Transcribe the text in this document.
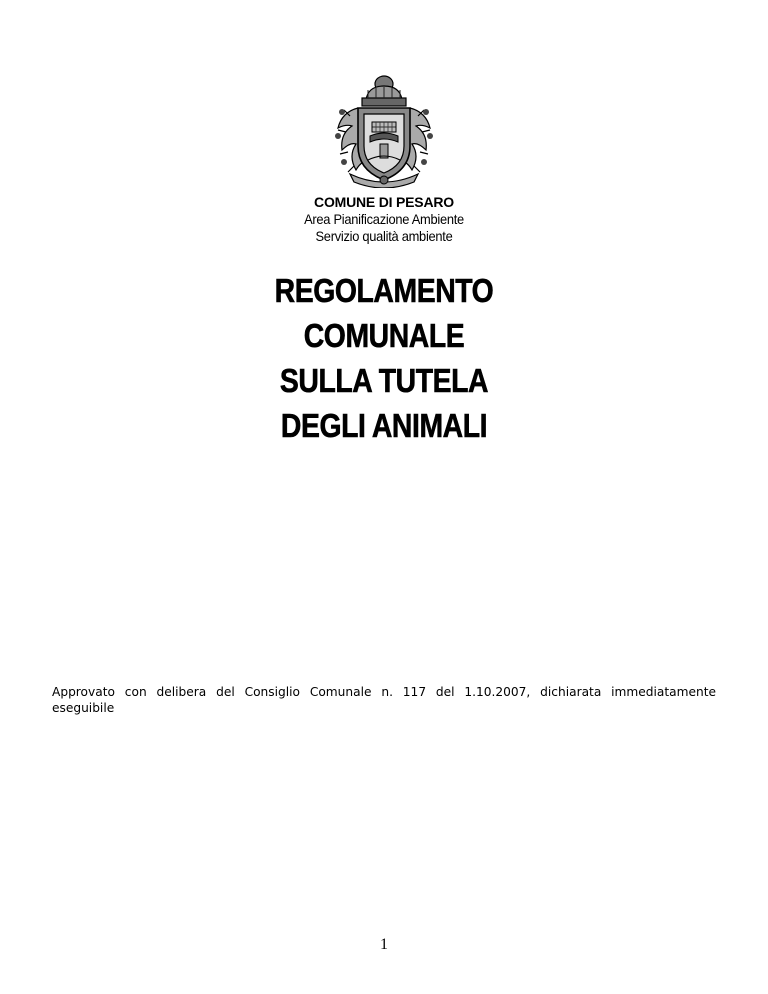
COMUNE DI PESARO
Area Pianificazione Ambiente
Servizio qualità ambiente
REGOLAMENTO
COMUNALE
SULLA TUTELA
DEGLI ANIMALI
Approvato con delibera del Consiglio Comunale n. 117 del 1.10.2007, dichiarata immediatamente eseguibile
1
